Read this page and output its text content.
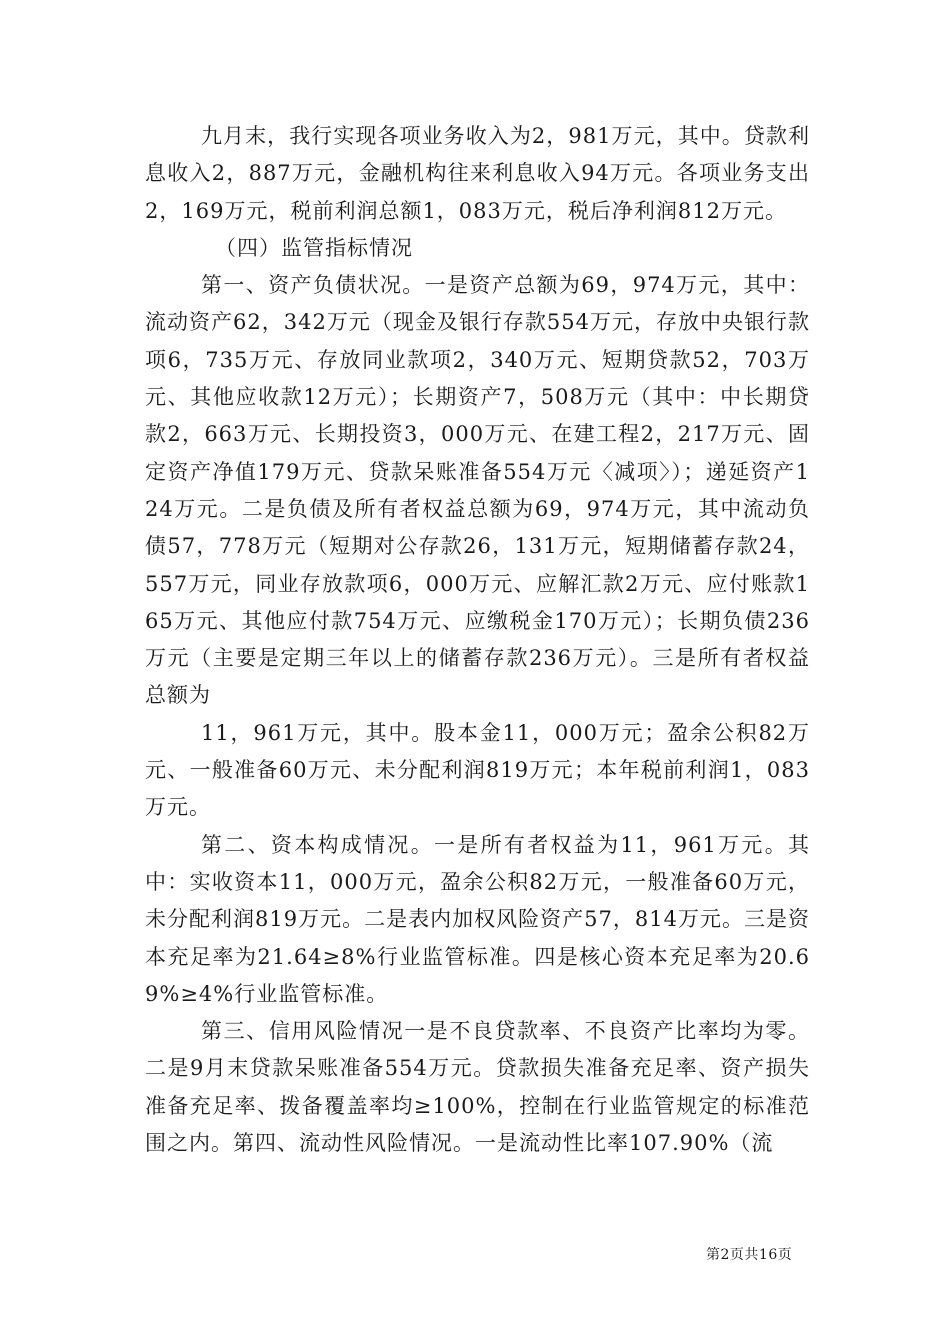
九月末，我行实现各项业务收入为2，981万元，其中。贷款利息收入2，887万元，金融机构往来利息收入94万元。各项业务支出2，169万元，税前利润总额1，083万元，税后净利润812万元。

（四）监管指标情况

第一、资产负债状况。一是资产总额为69，974万元，其中：流动资产62，342万元（现金及银行存款554万元，存放中央银行款项6，735万元、存放同业款项2，340万元、短期贷款52，703万元、其他应收款12万元）；长期资产7，508万元（其中：中长期贷款2，663万元、长期投资3，000万元、在建工程2，217万元、固定资产净值179万元、贷款呆账准备554万元〈减项〉）；递延资产124万元。二是负债及所有者权益总额为69，974万元，其中流动负债57，778万元（短期对公存款26，131万元，短期储蓄存款24，557万元，同业存放款项6，000万元、应解汇款2万元、应付账款165万元、其他应付款754万元、应缴税金170万元）；长期负债236万元（主要是定期三年以上的储蓄存款236万元）。三是所有者权益总额为

11，961万元，其中。股本金11，000万元；盈余公积82万元、一般准备60万元、未分配利润819万元；本年税前利润1，083万元。

第二、资本构成情况。一是所有者权益为11，961万元。其中：实收资本11，000万元，盈余公积82万元，一般准备60万元，未分配利润819万元。二是表内加权风险资产57，814万元。三是资本充足率为21.64≥8%行业监管标准。四是核心资本充足率为20.69%≥4%行业监管标准。

第三、信用风险情况一是不良贷款率、不良资产比率均为零。二是9月末贷款呆账准备554万元。贷款损失准备充足率、资产损失准备充足率、拨备覆盖率均≥100%，控制在行业监管规定的标准范围之内。第四、流动性风险情况。一是流动性比率107.90%（流

第2页共16页
